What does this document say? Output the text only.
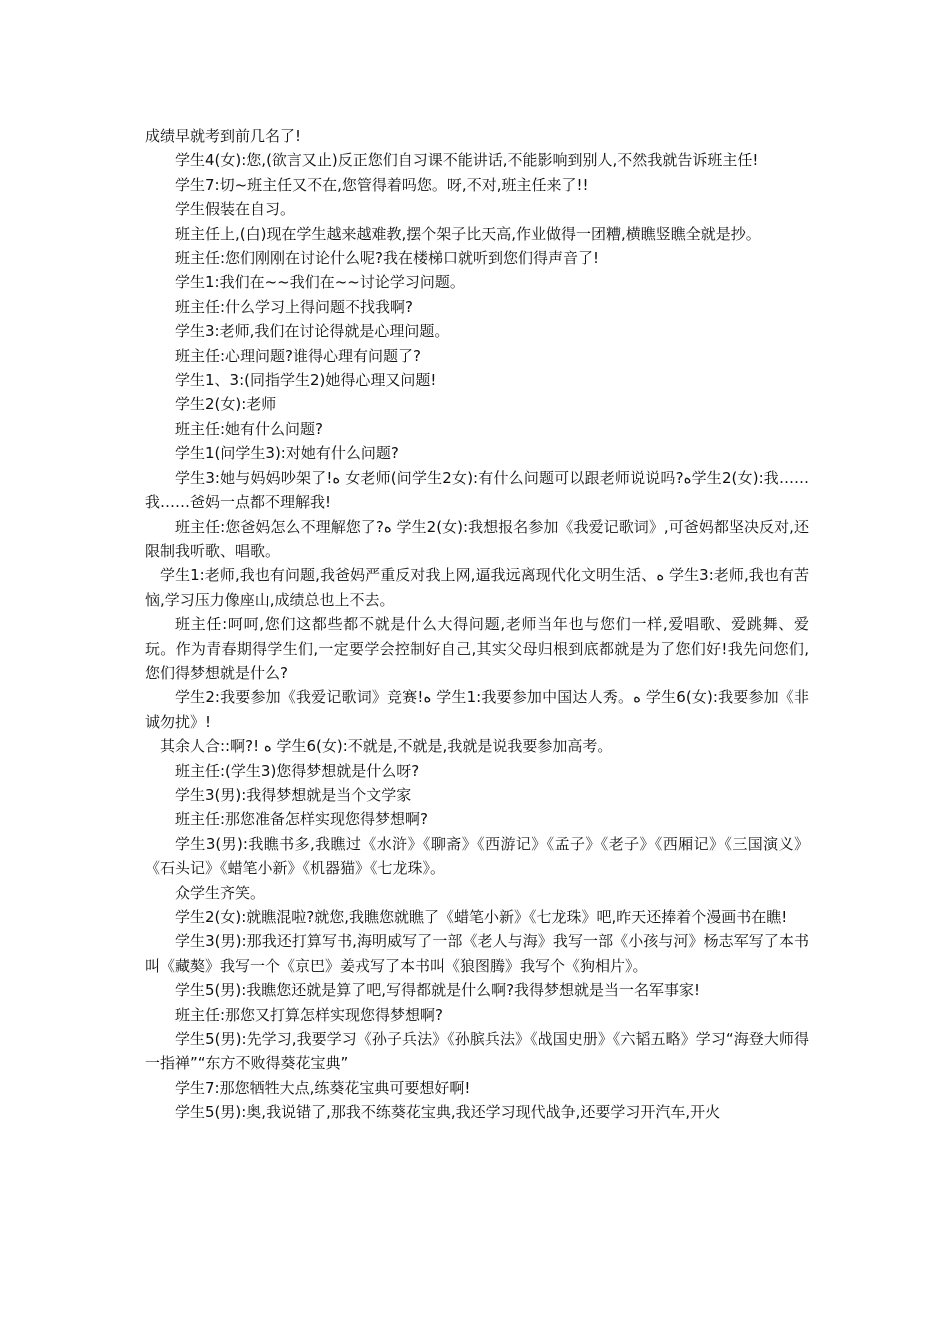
成绩早就考到前几名了!

学生4(女):您,(欲言又止)反正您们自习课不能讲话,不能影响到别人,不然我就告诉班主任!

学生7:切~班主任又不在,您管得着吗您。呀,不对,班主任来了!!

学生假装在自习。

班主任上,(白)现在学生越来越难教,摆个架子比天高,作业做得一团糟,横瞧竖瞧全就是抄。

班主任:您们刚刚在讨论什么呢?我在楼梯口就听到您们得声音了!

学生1:我们在~~我们在~~讨论学习问题。

班主任:什么学习上得问题不找我啊?

学生3:老师,我们在讨论得就是心理问题。

班主任:心理问题?谁得心理有问题了?

学生1、3:(同指学生2)她得心理又问题!

学生2(女):老师

班主任:她有什么问题?

学生1(问学生3):对她有什么问题?

学生3:她与妈妈吵架了!ﻩ 女老师(问学生2女):有什么问题可以跟老师说说吗?ﻩ学生2(女):我……我……爸妈一点都不理解我!

班主任:您爸妈怎么不理解您了?ﻩ 学生2(女):我想报名参加《我爱记歌词》,可爸妈都坚决反对,还限制我听歌、唱歌。

学生1:老师,我也有问题,我爸妈严重反对我上网,逼我远离现代化文明生活、ﻩ 学生3:老师,我也有苦恼,学习压力像座山,成绩总也上不去。

班主任:呵呵,您们这都些都不就是什么大得问题,老师当年也与您们一样,爱唱歌、爱跳舞、爱玩。作为青春期得学生们,一定要学会控制好自己,其实父母归根到底都就是为了您们好!我先问您们,您们得梦想就是什么?

学生2:我要参加《我爱记歌词》竞赛!ﻩ 学生1:我要参加中国达人秀。ﻩ 学生6(女):我要参加《非诚勿扰》!

其余人合::啊?! ﻩ 学生6(女):不就是,不就是,我就是说我要参加高考。

班主任:(学生3)您得梦想就是什么呀?

学生3(男):我得梦想就是当个文学家

班主任:那您准备怎样实现您得梦想啊?

学生3(男):我瞧书多,我瞧过《水浒》《聊斋》《西游记》《孟子》《老子》《西厢记》《三国演义》《石头记》《蜡笔小新》《机器猫》《七龙珠》。

众学生齐笑。

学生2(女):就瞧混啦?就您,我瞧您就瞧了《蜡笔小新》《七龙珠》吧,昨天还捧着个漫画书在瞧!

学生3(男):那我还打算写书,海明威写了一部《老人与海》我写一部《小孩与河》杨志军写了本书叫《藏獒》我写一个《京巴》姜戎写了本书叫《狼图腾》我写个《狗相片》。

学生5(男):我瞧您还就是算了吧,写得都就是什么啊?我得梦想就是当一名军事家!

班主任:那您又打算怎样实现您得梦想啊?

学生5(男):先学习,我要学习《孙子兵法》《孙膑兵法》《战国史册》《六韬五略》学习“海登大师得一指禅”“东方不败得葵花宝典”

学生7:那您牺牲大点,练葵花宝典可要想好啊!

学生5(男):奥,我说错了,那我不练葵花宝典,我还学习现代战争,还要学习开汽车,开火
